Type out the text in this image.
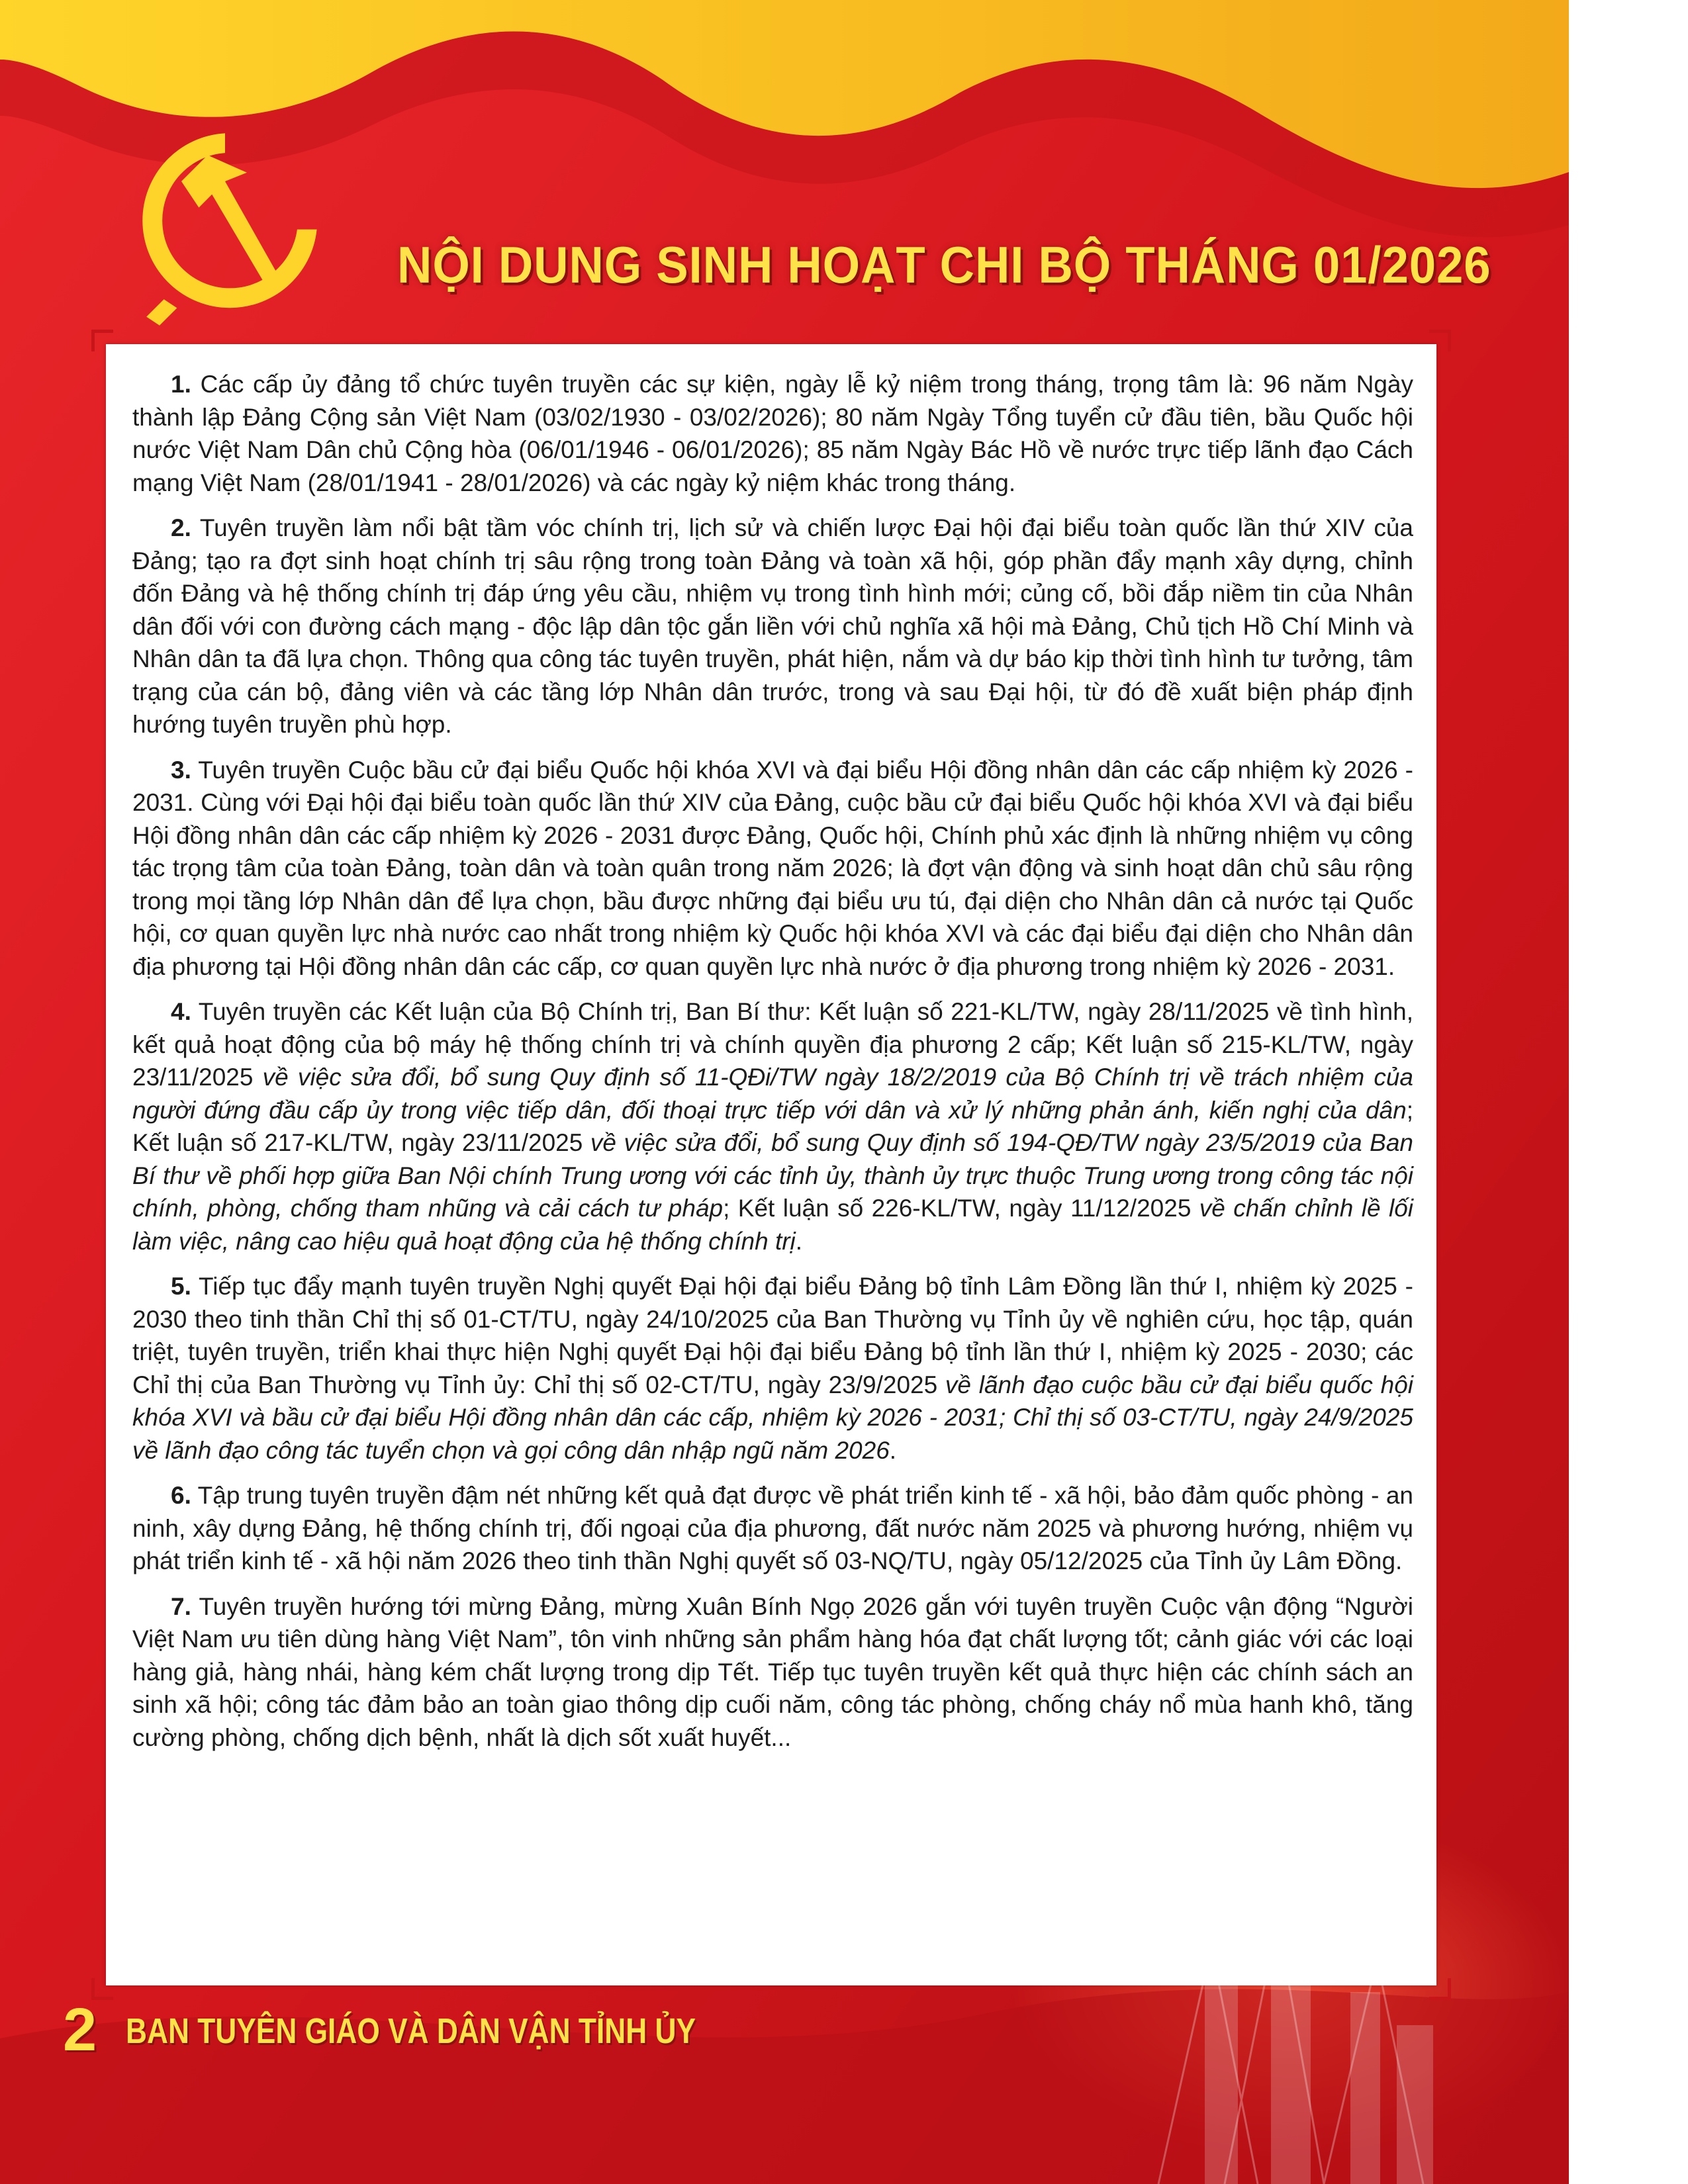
NỘI DUNG SINH HOẠT CHI BỘ THÁNG 01/2026

1. Các cấp ủy đảng tổ chức tuyên truyền các sự kiện, ngày lễ kỷ niệm trong tháng, trọng tâm là: 96 năm Ngày thành lập Đảng Cộng sản Việt Nam (03/02/1930 - 03/02/2026); 80 năm Ngày Tổng tuyển cử đầu tiên, bầu Quốc hội nước Việt Nam Dân chủ Cộng hòa (06/01/1946 - 06/01/2026); 85 năm Ngày Bác Hồ về nước trực tiếp lãnh đạo Cách mạng Việt Nam (28/01/1941 - 28/01/2026) và các ngày kỷ niệm khác trong tháng.

2. Tuyên truyền làm nổi bật tầm vóc chính trị, lịch sử và chiến lược Đại hội đại biểu toàn quốc lần thứ XIV của Đảng; tạo ra đợt sinh hoạt chính trị sâu rộng trong toàn Đảng và toàn xã hội, góp phần đẩy mạnh xây dựng, chỉnh đốn Đảng và hệ thống chính trị đáp ứng yêu cầu, nhiệm vụ trong tình hình mới; củng cố, bồi đắp niềm tin của Nhân dân đối với con đường cách mạng - độc lập dân tộc gắn liền với chủ nghĩa xã hội mà Đảng, Chủ tịch Hồ Chí Minh và Nhân dân ta đã lựa chọn. Thông qua công tác tuyên truyền, phát hiện, nắm và dự báo kịp thời tình hình tư tưởng, tâm trạng của cán bộ, đảng viên và các tầng lớp Nhân dân trước, trong và sau Đại hội, từ đó đề xuất biện pháp định hướng tuyên truyền phù hợp.

3. Tuyên truyền Cuộc bầu cử đại biểu Quốc hội khóa XVI và đại biểu Hội đồng nhân dân các cấp nhiệm kỳ 2026 - 2031. Cùng với Đại hội đại biểu toàn quốc lần thứ XIV của Đảng, cuộc bầu cử đại biểu Quốc hội khóa XVI và đại biểu Hội đồng nhân dân các cấp nhiệm kỳ 2026 - 2031 được Đảng, Quốc hội, Chính phủ xác định là những nhiệm vụ công tác trọng tâm của toàn Đảng, toàn dân và toàn quân trong năm 2026; là đợt vận động và sinh hoạt dân chủ sâu rộng trong mọi tầng lớp Nhân dân để lựa chọn, bầu được những đại biểu ưu tú, đại diện cho Nhân dân cả nước tại Quốc hội, cơ quan quyền lực nhà nước cao nhất trong nhiệm kỳ Quốc hội khóa XVI và các đại biểu đại diện cho Nhân dân địa phương tại Hội đồng nhân dân các cấp, cơ quan quyền lực nhà nước ở địa phương trong nhiệm kỳ 2026 - 2031.

4. Tuyên truyền các Kết luận của Bộ Chính trị, Ban Bí thư: Kết luận số 221-KL/TW, ngày 28/11/2025 về tình hình, kết quả hoạt động của bộ máy hệ thống chính trị và chính quyền địa phương 2 cấp; Kết luận số 215-KL/TW, ngày 23/11/2025 về việc sửa đổi, bổ sung Quy định số 11-QĐi/TW ngày 18/2/2019 của Bộ Chính trị về trách nhiệm của người đứng đầu cấp ủy trong việc tiếp dân, đối thoại trực tiếp với dân và xử lý những phản ánh, kiến nghị của dân; Kết luận số 217-KL/TW, ngày 23/11/2025 về việc sửa đổi, bổ sung Quy định số 194-QĐ/TW ngày 23/5/2019 của Ban Bí thư về phối hợp giữa Ban Nội chính Trung ương với các tỉnh ủy, thành ủy trực thuộc Trung ương trong công tác nội chính, phòng, chống tham nhũng và cải cách tư pháp; Kết luận số 226-KL/TW, ngày 11/12/2025 về chấn chỉnh lề lối làm việc, nâng cao hiệu quả hoạt động của hệ thống chính trị.

5. Tiếp tục đẩy mạnh tuyên truyền Nghị quyết Đại hội đại biểu Đảng bộ tỉnh Lâm Đồng lần thứ I, nhiệm kỳ 2025 - 2030 theo tinh thần Chỉ thị số 01-CT/TU, ngày 24/10/2025 của Ban Thường vụ Tỉnh ủy về nghiên cứu, học tập, quán triệt, tuyên truyền, triển khai thực hiện Nghị quyết Đại hội đại biểu Đảng bộ tỉnh lần thứ I, nhiệm kỳ 2025 - 2030; các Chỉ thị của Ban Thường vụ Tỉnh ủy: Chỉ thị số 02-CT/TU, ngày 23/9/2025 về lãnh đạo cuộc bầu cử đại biểu quốc hội khóa XVI và bầu cử đại biểu Hội đồng nhân dân các cấp, nhiệm kỳ 2026 - 2031; Chỉ thị số 03-CT/TU, ngày 24/9/2025 về lãnh đạo công tác tuyển chọn và gọi công dân nhập ngũ năm 2026.

6. Tập trung tuyên truyền đậm nét những kết quả đạt được về phát triển kinh tế - xã hội, bảo đảm quốc phòng - an ninh, xây dựng Đảng, hệ thống chính trị, đối ngoại của địa phương, đất nước năm 2025 và phương hướng, nhiệm vụ phát triển kinh tế - xã hội năm 2026 theo tinh thần Nghị quyết số 03-NQ/TU, ngày 05/12/2025 của Tỉnh ủy Lâm Đồng.

7. Tuyên truyền hướng tới mừng Đảng, mừng Xuân Bính Ngọ 2026 gắn với tuyên truyền Cuộc vận động “Người Việt Nam ưu tiên dùng hàng Việt Nam”, tôn vinh những sản phẩm hàng hóa đạt chất lượng tốt; cảnh giác với các loại hàng giả, hàng nhái, hàng kém chất lượng trong dịp Tết. Tiếp tục tuyên truyền kết quả thực hiện các chính sách an sinh xã hội; công tác đảm bảo an toàn giao thông dịp cuối năm, công tác phòng, chống cháy nổ mùa hanh khô, tăng cường phòng, chống dịch bệnh, nhất là dịch sốt xuất huyết...

2 BAN TUYÊN GIÁO VÀ DÂN VẬN TỈNH ỦY
